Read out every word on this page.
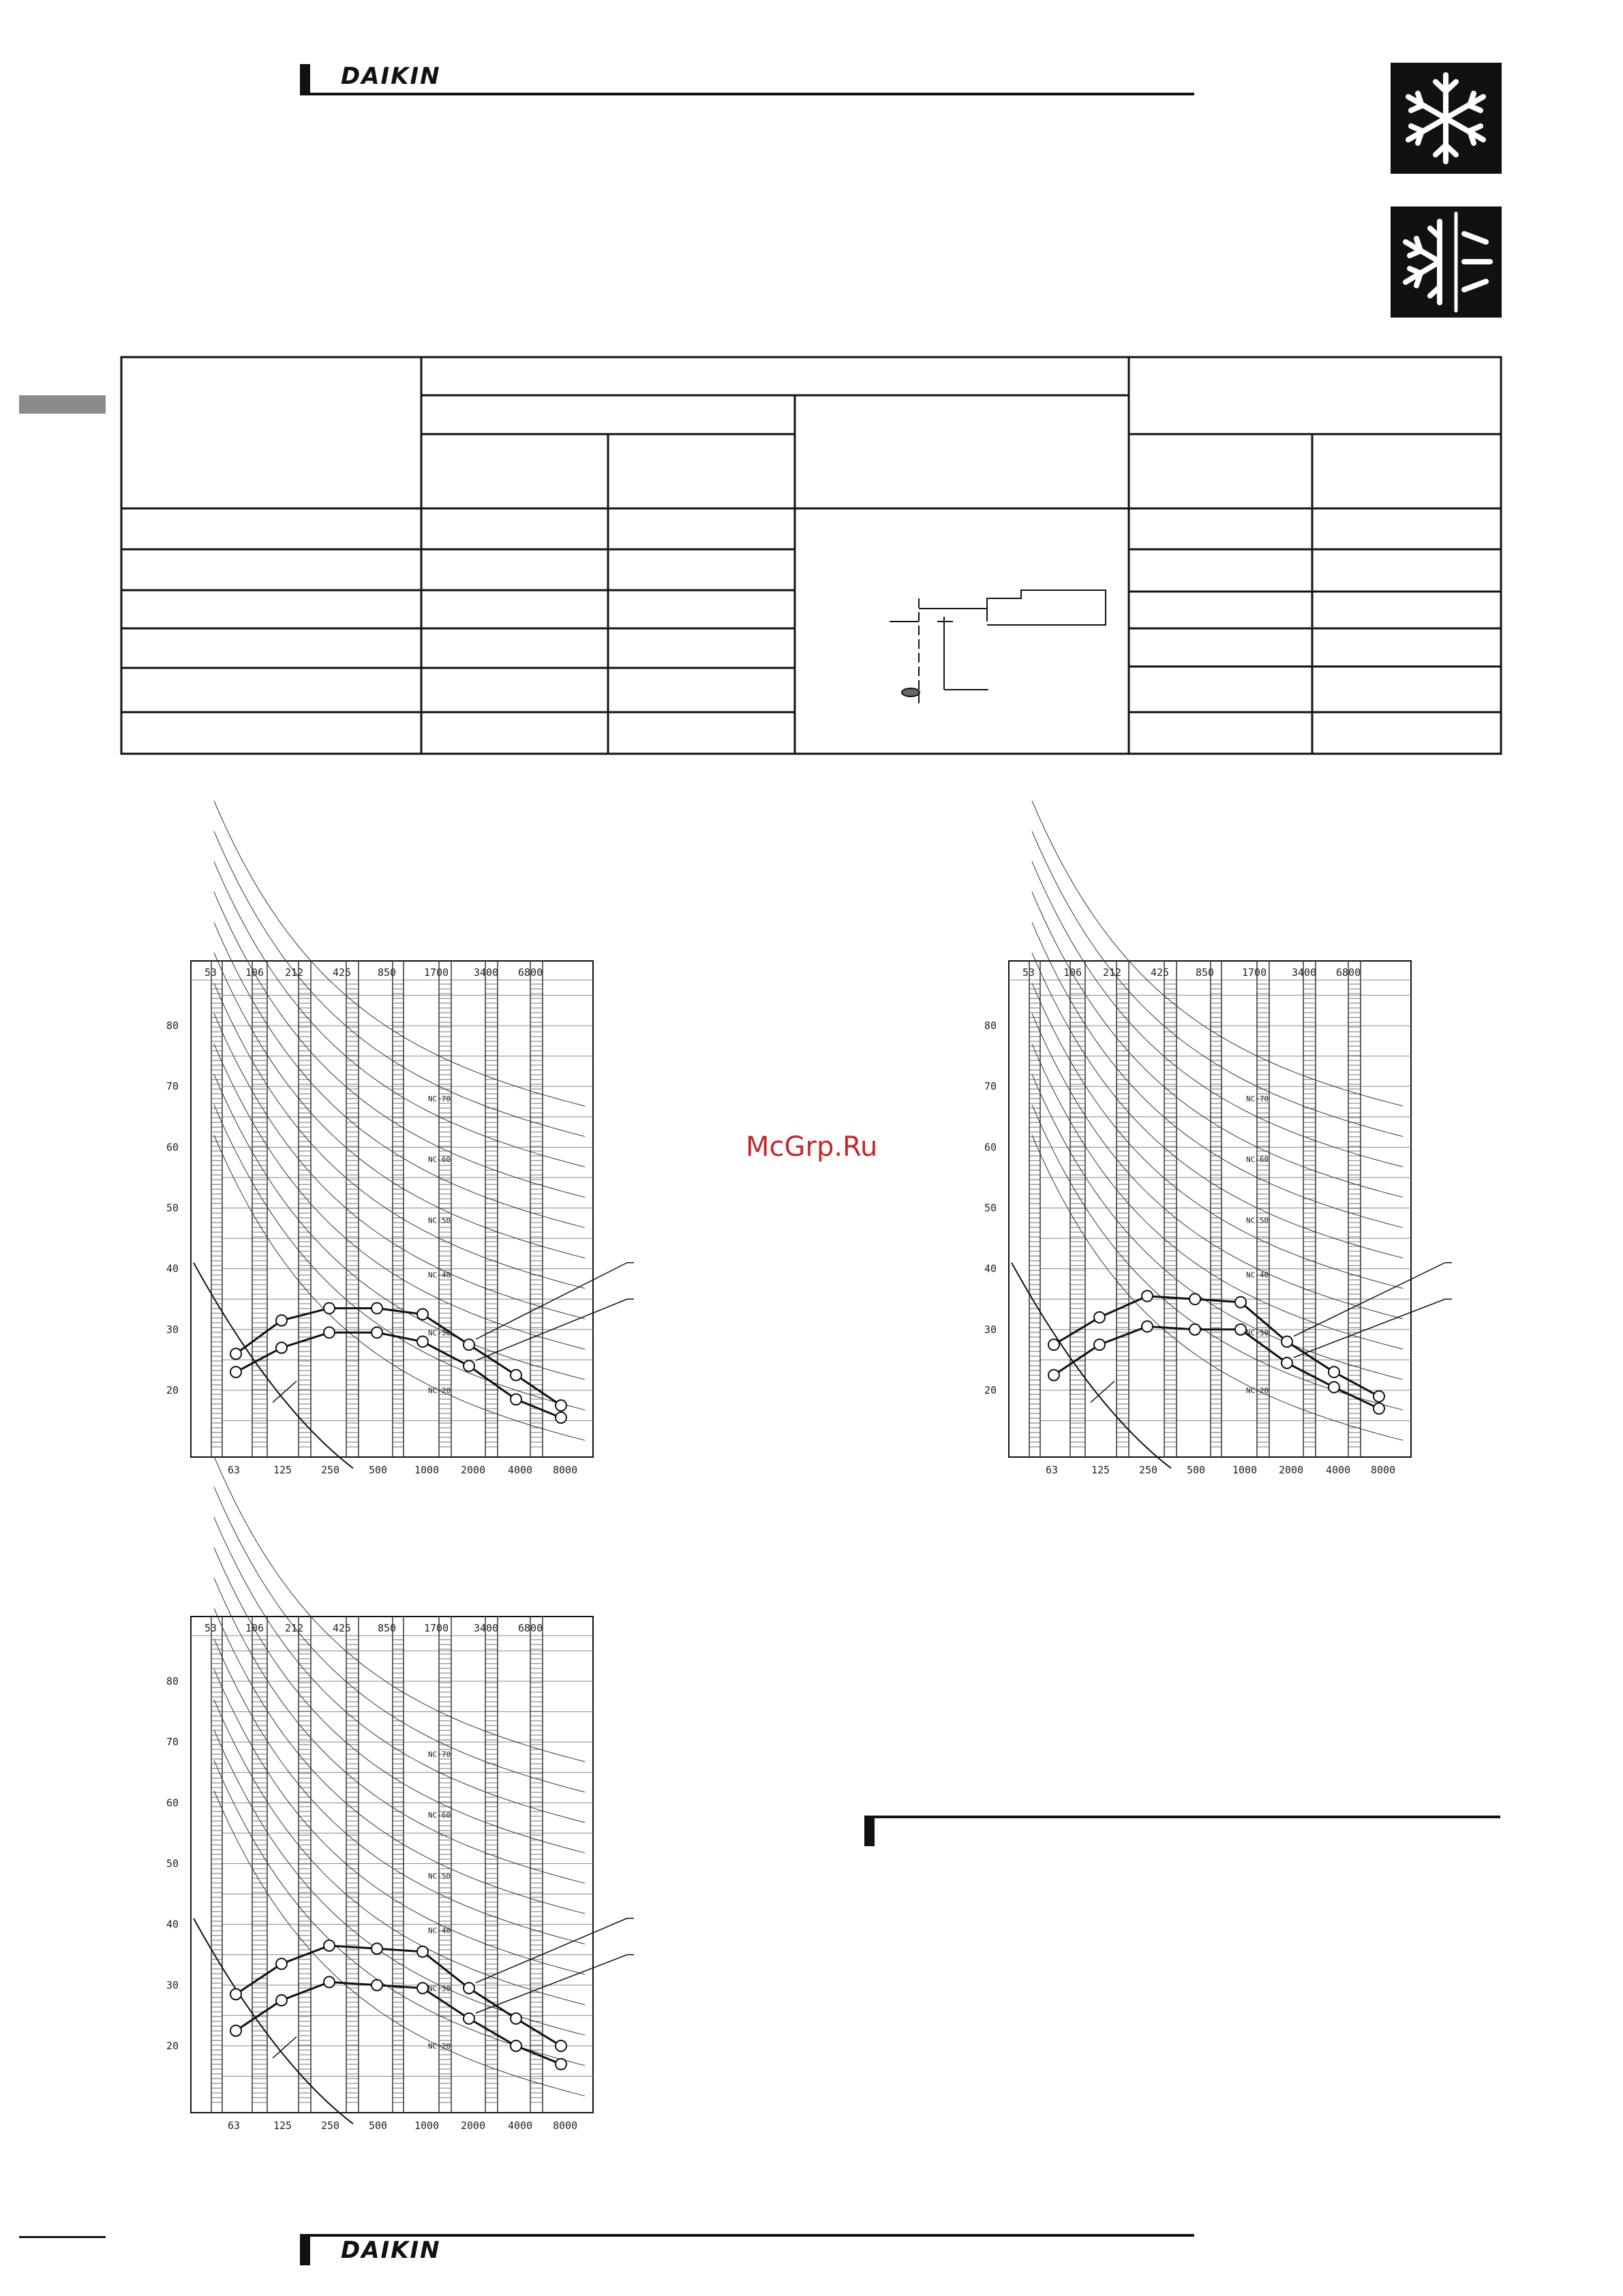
DAIKIN
McGrp.Ru
53	106 212	425	850	1700 3400 6800
80
70
60
50
40
30
20
63	125	250	500	1000 2000 4000 8000
NC-70
NC-60
NC-50
NC-40
NC-30
NC-20
53	106 212	425	850	1700 3400 6800
80
70
60
50
40
30
20
63	125	250	500	1000 2000 4000 8000
NC-70
NC-60
NC-50
NC-40
NC-30
NC-20
53	106 212	425	850	1700 3400 6800
80
70
60
50
40
30
20
63	125	250	500	1000 2000 4000 8000
NC-70
NC-60
NC-50
NC-40
NC-30
NC-20
DAIKIN
